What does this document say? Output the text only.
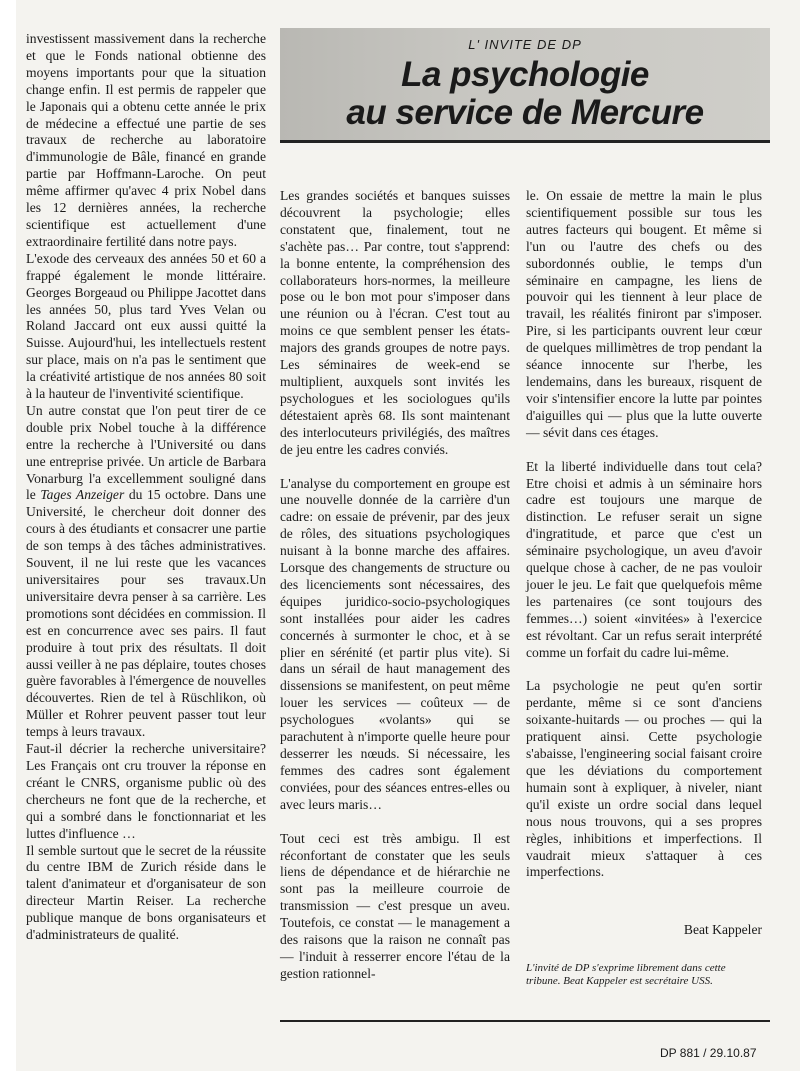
investissent massivement dans la recherche et que le Fonds national obtienne des moyens importants pour que la situation change enfin. Il est permis de rappeler que le Japonais qui a obtenu cette année le prix de médecine a effectué une partie de ses travaux de recherche au laboratoire d'immunologie de Bâle, financé en grande partie par Hoffmann-Laroche. On peut même affirmer qu'avec 4 prix Nobel dans les 12 dernières années, la recherche scientifique est actuellement d'une extraordinaire fertilité dans notre pays.

L'exode des cerveaux des années 50 et 60 a frappé également le monde littéraire. Georges Borgeaud ou Philippe Jacottet dans les années 50, plus tard Yves Velan ou Roland Jaccard ont eux aussi quitté la Suisse. Aujourd'hui, les intellectuels restent sur place, mais on n'a pas le sentiment que la créativité artistique de nos années 80 soit à la hauteur de l'inventivité scientifique.

Un autre constat que l'on peut tirer de ce double prix Nobel touche à la différence entre la recherche à l'Université ou dans une entreprise privée. Un article de Barbara Vonarburg l'a excellemment souligné dans le Tages Anzeiger du 15 octobre. Dans une Université, le chercheur doit donner des cours à des étudiants et consacrer une partie de son temps à des tâches administratives. Souvent, il ne lui reste que les vacances universitaires pour ses travaux.Un universitaire devra penser à sa carrière. Les promotions sont décidées en commission. Il est en concurrence avec ses pairs. Il faut produire à tout prix des résultats. Il doit aussi veiller à ne pas déplaire, toutes choses guère favorables à l'émergence de nouvelles découvertes. Rien de tel à Rüschlikon, où Müller et Rohrer peuvent passer tout leur temps à leurs travaux.

Faut-il décrier la recherche universitaire? Les Français ont cru trouver la réponse en créant le CNRS, organisme public où des chercheurs ne font que de la recherche, et qui a sombré dans le fonctionnariat et les luttes d'influence …

Il semble surtout que le secret de la réussite du centre IBM de Zurich réside dans le talent d'animateur et d'organisateur de son directeur Martin Reiser. La recherche publique manque de bons organisateurs et d'administrateurs de qualité.

L' INVITE DE DP
La psychologie
au service de Mercure

Les grandes sociétés et banques suisses découvrent la psychologie; elles constatent que, finalement, tout ne s'achète pas… Par contre, tout s'apprend: la bonne entente, la compréhension des collaborateurs hors-normes, la meilleure pose ou le bon mot pour s'imposer dans une réunion ou à l'écran. C'est tout au moins ce que semblent penser les états-majors des grands groupes de notre pays. Les séminaires de week-end se multiplient, auxquels sont invités les psychologues et les sociologues qu'ils détestaient après 68. Ils sont maintenant des interlocuteurs privilégiés, des maîtres de jeu entre les cadres conviés.

L'analyse du comportement en groupe est une nouvelle donnée de la carrière d'un cadre: on essaie de prévenir, par des jeux de rôles, des situations psychologiques nuisant à la bonne marche des affaires. Lorsque des changements de structure ou des licenciements sont nécessaires, des équipes juridico-socio-psychologiques sont installées pour aider les cadres concernés à surmonter le choc, et à se plier en sérénité (et partir plus vite). Si dans un sérail de haut management des dissensions se manifestent, on peut même louer les services — coûteux — de psychologues «volants» qui se parachutent à n'importe quelle heure pour desserrer les nœuds. Si nécessaire, les femmes des cadres sont également conviées, pour des séances entres-elles ou avec leurs maris…

Tout ceci est très ambigu. Il est réconfortant de constater que les seuls liens de dépendance et de hiérarchie ne sont pas la meilleure courroie de transmission — c'est presque un aveu. Toutefois, ce constat — le management a des raisons que la raison ne connaît pas — l'induit à resserrer encore l'étau de la gestion rationnel-

le. On essaie de mettre la main le plus scientifiquement possible sur tous les autres facteurs qui bougent. Et même si l'un ou l'autre des chefs ou des subordonnés oublie, le temps d'un séminaire en campagne, les liens de pouvoir qui les tiennent à leur place de travail, les réalités finiront par s'imposer. Pire, si les participants ouvrent leur cœur de quelques millimètres de trop pendant la séance innocente sur l'herbe, les lendemains, dans les bureaux, risquent de voir s'intensifier encore la lutte par pointes d'aiguilles qui — plus que la lutte ouverte — sévit dans ces étages.

Et la liberté individuelle dans tout cela? Etre choisi et admis à un séminaire hors cadre est toujours une marque de distinction. Le refuser serait un signe d'ingratitude, et parce que c'est un séminaire psychologique, un aveu d'avoir quelque chose à cacher, de ne pas vouloir jouer le jeu. Le fait que quelquefois même les partenaires (ce sont toujours des femmes…) soient «invitées» à l'exercice est révoltant. Car un refus serait interprété comme un forfait du cadre lui-même.

La psychologie ne peut qu'en sortir perdante, même si ce sont d'anciens soixante-huitards — ou proches — qui la pratiquent ainsi. Cette psychologie s'abaisse, l'engineering social faisant croire que les déviations du comportement humain sont à expliquer, à niveler, niant qu'il existe un ordre social dans lequel nous nous trouvons, qui a ses propres règles, inhibitions et imperfections. Il vaudrait mieux s'attaquer à ces imperfections.

Beat Kappeler
L'invité de DP s'exprime librement dans cette tribune. Beat Kappeler est secrétaire USS.
DP 881 / 29.10.87
